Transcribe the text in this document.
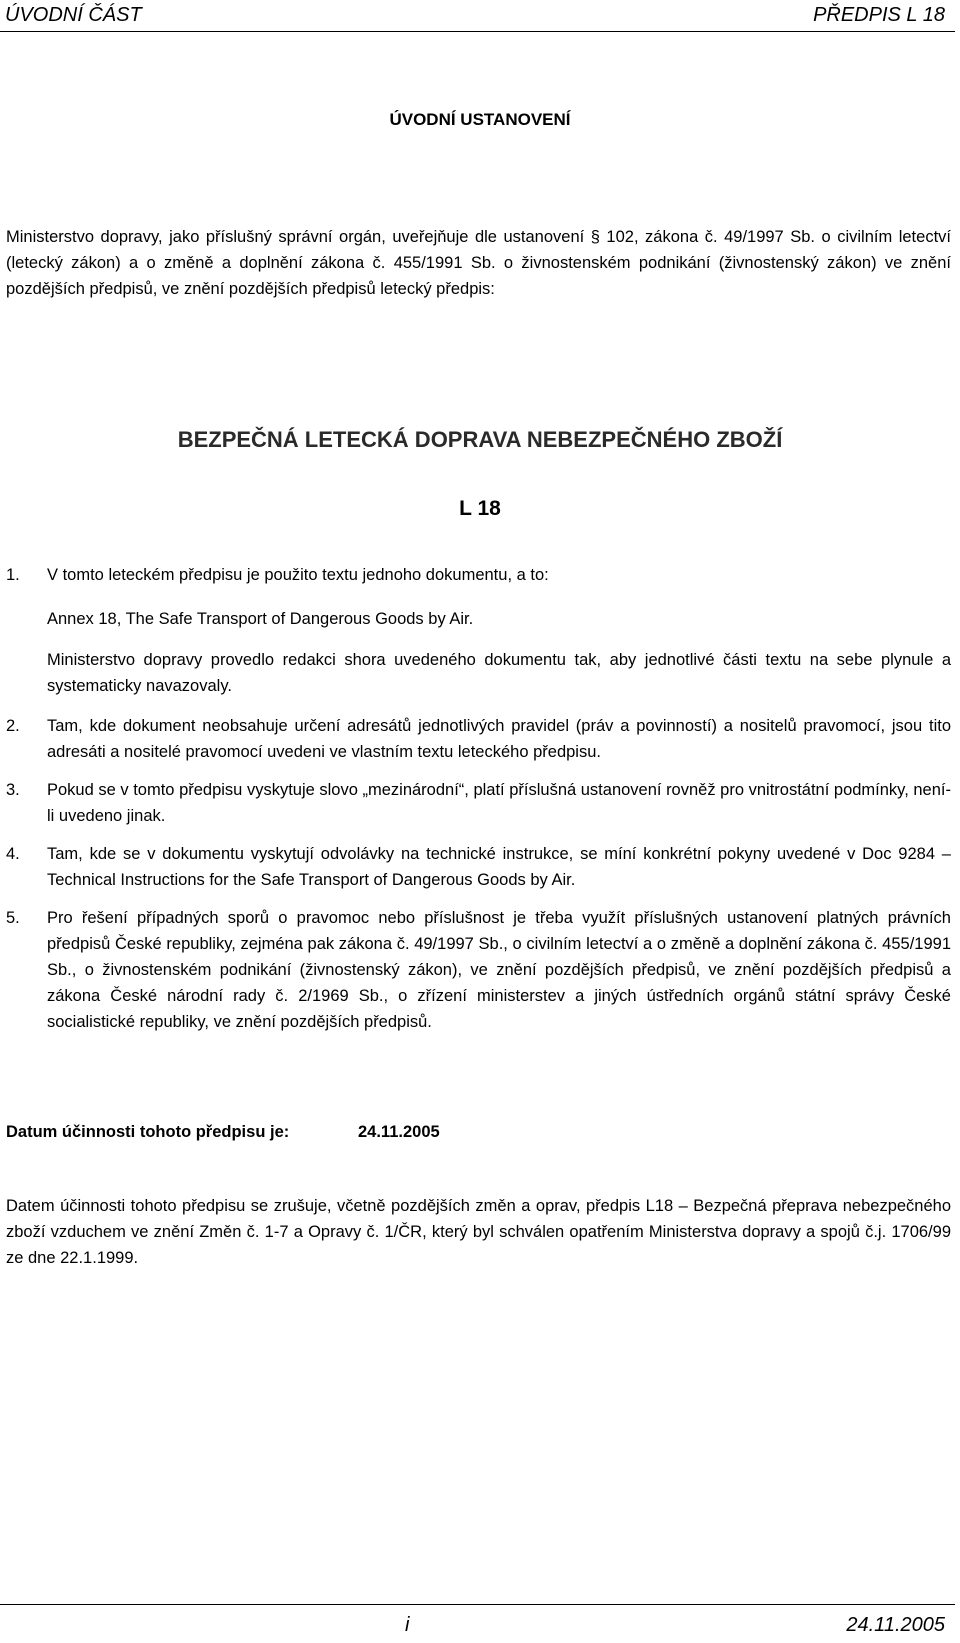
ÚVODNÍ ČÁST	PŘEDPIS L 18
ÚVODNÍ USTANOVENÍ

Ministerstvo dopravy, jako příslušný správní orgán, uveřejňuje dle ustanovení § 102, zákona č. 49/1997 Sb. o civilním letectví (letecký zákon) a o změně a doplnění zákona č. 455/1991 Sb. o živnostenském podnikání (živnostenský zákon) ve znění pozdějších předpisů, ve znění pozdějších předpisů letecký předpis:

BEZPEČNÁ LETECKÁ DOPRAVA NEBEZPEČNÉHO ZBOŽÍ
L 18
1. V tomto leteckém předpisu je použito textu jednoho dokumentu, a to:
Annex 18, The Safe Transport of Dangerous Goods by Air.
Ministerstvo dopravy provedlo redakci shora uvedeného dokumentu tak, aby jednotlivé části textu na sebe plynule a systematicky navazovaly.
2. Tam, kde dokument neobsahuje určení adresátů jednotlivých pravidel (práv a povinností) a nositelů pravomocí, jsou tito adresáti a nositelé pravomocí uvedeni ve vlastním textu leteckého předpisu.
3. Pokud se v tomto předpisu vyskytuje slovo „mezinárodní“, platí příslušná ustanovení rovněž pro vnitrostátní podmínky, není-li uvedeno jinak.
4. Tam, kde se v dokumentu vyskytují odvolávky na technické instrukce, se míní konkrétní pokyny uvedené v Doc 9284 – Technical Instructions for the Safe Transport of Dangerous Goods by Air.
5. Pro řešení případných sporů o pravomoc nebo příslušnost je třeba využít příslušných ustanovení platných právních předpisů České republiky, zejména pak zákona č. 49/1997 Sb., o civilním letectví a o změně a doplnění zákona č. 455/1991 Sb., o živnostenském podnikání (živnostenský zákon), ve znění pozdějších předpisů, ve znění pozdějších předpisů a zákona České národní rady č. 2/1969 Sb., o zřízení ministerstev a jiných ústředních orgánů státní správy České socialistické republiky, ve znění pozdějších předpisů.
Datum účinnosti tohoto předpisu je:	24.11.2005

Datem účinnosti tohoto předpisu se zrušuje, včetně pozdějších změn a oprav, předpis L18 – Bezpečná přeprava nebezpečného zboží vzduchem ve znění Změn č. 1-7 a Opravy č. 1/ČR, který byl schválen opatřením Ministerstva dopravy a spojů č.j. 1706/99 ze dne 22.1.1999.

i	24.11.2005
